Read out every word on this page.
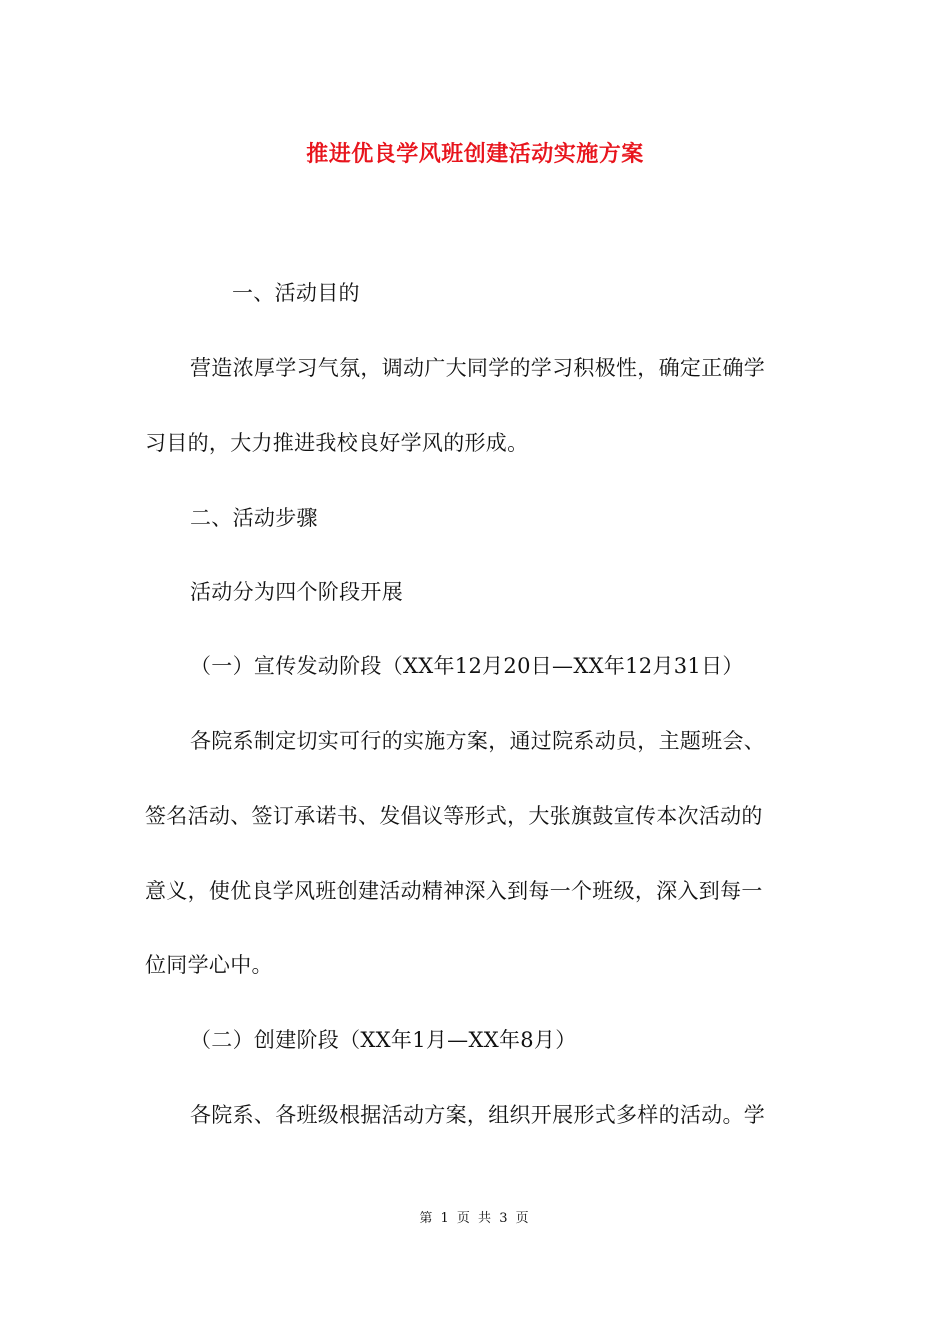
推进优良学风班创建活动实施方案
一、活动目的
营造浓厚学习气氛，调动广大同学的学习积极性，确定正确学
习目的，大力推进我校良好学风的形成。
二、活动步骤
活动分为四个阶段开展
（一）宣传发动阶段（XX年12月20日—XX年12月31日）
各院系制定切实可行的实施方案，通过院系动员，主题班会、
签名活动、签订承诺书、发倡议等形式，大张旗鼓宣传本次活动的
意义，使优良学风班创建活动精神深入到每一个班级，深入到每一
位同学心中。
（二）创建阶段（XX年1月—XX年8月）
各院系、各班级根据活动方案，组织开展形式多样的活动。学
第 1 页 共 3 页
